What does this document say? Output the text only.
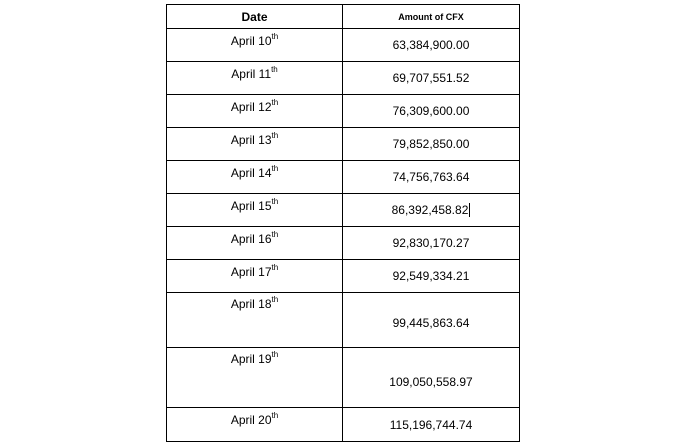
Date	Amount of CFX
April 10th	63,384,900.00
April 11th	69,707,551.52
April 12th	76,309,600.00
April 13th	79,852,850.00
April 14th	74,756,763.64
April 15th	86,392,458.82
April 16th	92,830,170.27
April 17th	92,549,334.21
April 18th	99,445,863.64
April 19th	109,050,558.97
April 20th	115,196,744.74
